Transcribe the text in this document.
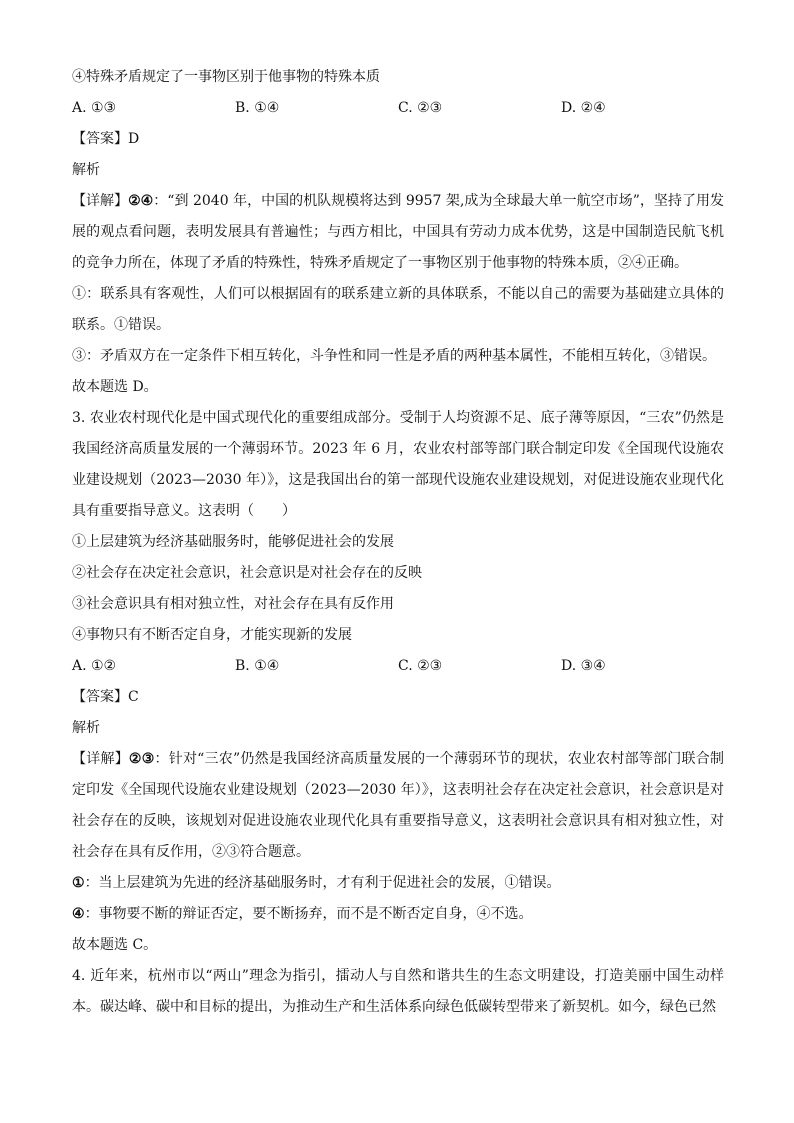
④特殊矛盾规定了一事物区别于他事物的特殊本质
A. ①③	B. ①④	C. ②③	D. ②④
【答案】D
解析
【详解】②④：“到 2040 年，中国的机队规模将达到 9957 架,成为全球最大单一航空市场”，坚持了用发展的观点看问题，表明发展具有普遍性；与西方相比，中国具有劳动力成本优势，这是中国制造民航飞机的竞争力所在，体现了矛盾的特殊性，特殊矛盾规定了一事物区别于他事物的特殊本质，②④正确。
①：联系具有客观性，人们可以根据固有的联系建立新的具体联系，不能以自己的需要为基础建立具体的联系。①错误。
③：矛盾双方在一定条件下相互转化，斗争性和同一性是矛盾的两种基本属性，不能相互转化，③错误。
故本题选 D。
3. 农业农村现代化是中国式现代化的重要组成部分。受制于人均资源不足、底子薄等原因，“三农”仍然是我国经济高质量发展的一个薄弱环节。2023 年 6 月，农业农村部等部门联合制定印发《全国现代设施农业建设规划（2023—2030 年）》，这是我国出台的第一部现代设施农业建设规划，对促进设施农业现代化具有重要指导意义。这表明（　　）
①上层建筑为经济基础服务时，能够促进社会的发展
②社会存在决定社会意识，社会意识是对社会存在的反映
③社会意识具有相对独立性，对社会存在具有反作用
④事物只有不断否定自身，才能实现新的发展
A. ①②	B. ①④	C. ②③	D. ③④
【答案】C
解析
【详解】②③：针对“三农”仍然是我国经济高质量发展的一个薄弱环节的现状，农业农村部等部门联合制定印发《全国现代设施农业建设规划（2023—2030 年）》，这表明社会存在决定社会意识，社会意识是对社会存在的反映，该规划对促进设施农业现代化具有重要指导意义，这表明社会意识具有相对独立性，对社会存在具有反作用，②③符合题意。
①：当上层建筑为先进的经济基础服务时，才有利于促进社会的发展，①错误。
④：事物要不断的辩证否定，要不断扬弃，而不是不断否定自身，④不选。
故本题选 C。
4. 近年来，杭州市以“两山”理念为指引，擂动人与自然和谐共生的生态文明建设，打造美丽中国生动样本。碳达峰、碳中和目标的提出，为推动生产和生活体系向绿色低碳转型带来了新契机。如今，绿色已然
